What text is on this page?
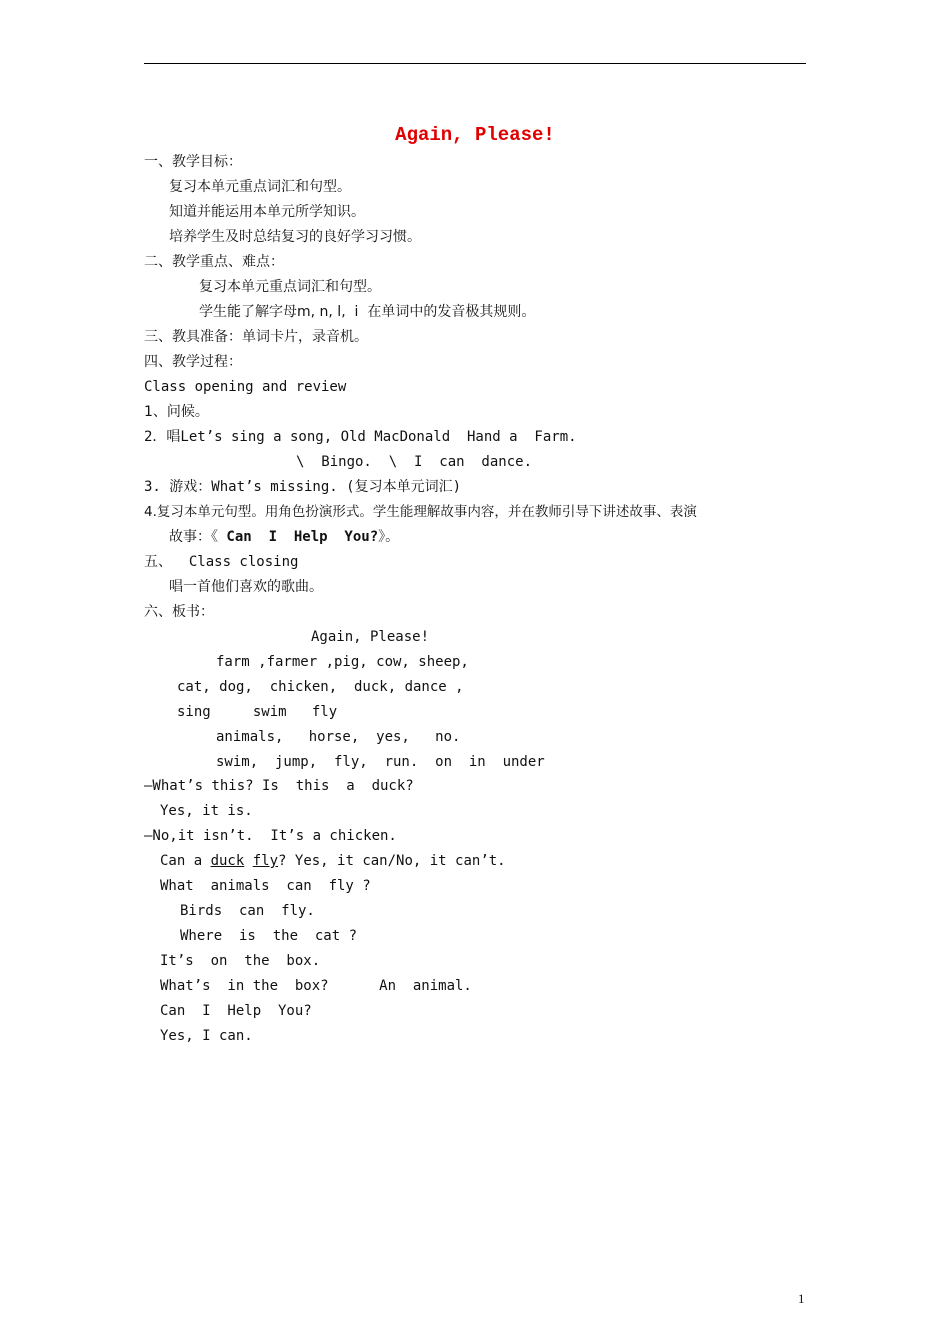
Again, Please!
一、教学目标：
复习本单元重点词汇和句型。
知道并能运用本单元所学知识。
培养学生及时总结复习的良好学习习惯。
二、教学重点、难点：
复习本单元重点词汇和句型。
学生能了解字母m, n, l,  i  在单词中的发音极其规则。
三、教具准备：单词卡片，录音机。
四、教学过程：
Class opening and review
1、问候。
2．唱Let’s sing a song, Old MacDonald  Hand a  Farm.
\  Bingo.  \  I  can  dance.
3. 游戏：What’s missing. (复习本单元词汇)
4.复习本单元句型。用角色扮演形式。学生能理解故事内容，并在教师引导下讲述故事、表演
故事：《 Can  I  Help  You?》。
五、  Class closing
唱一首他们喜欢的歌曲。
六、板书：
Again, Please!
farm ,farmer ,pig, cow, sheep,
cat, dog,  chicken,  duck, dance ,
sing     swim   fly
animals,   horse,  yes,   no.
swim,  jump,  fly,  run.  on  in  under
—What’s this? Is  this  a  duck?
Yes, it is.
—No,it isn’t.  It’s a chicken.
Can a duck fly? Yes, it can/No, it can’t.
What  animals  can  fly ?
Birds  can  fly.
Where  is  the  cat ?
It’s  on  the  box.
What’s  in the  box?      An  animal.
Can  I  Help  You?
Yes, I can.
1
